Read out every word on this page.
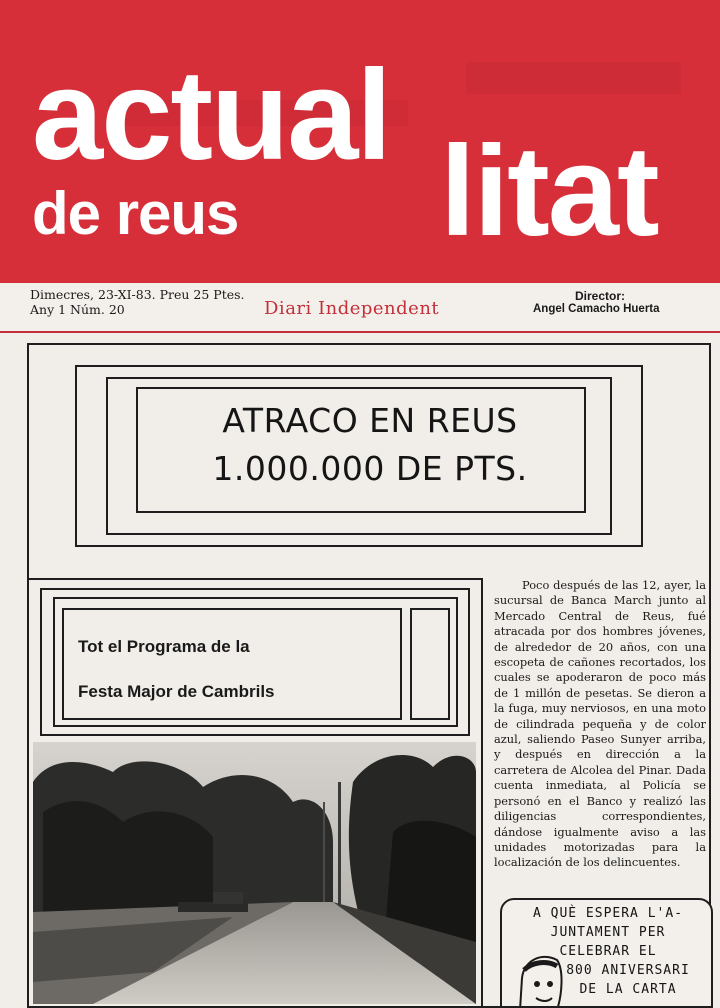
actual
litat
de reus
Dimecres, 23-XI-83. Preu 25 Ptes.
Any 1 Núm. 20	Diari Independent
Director:
Angel Camacho Huerta
ATRACO EN REUS
1.000.000 DE PTS.
Tot el Programa de la
Festa Major de Cambrils
Poco después de las 12, ayer, la sucursal de Banca March junto al Mercado Central de Reus, fué atracada por dos hombres jóvenes, de alrededor de 20 años, con una escopeta de cañones recortados, los cuales se apoderaron de poco más de 1 millón de pesetas. Se dieron a la fuga, muy nerviosos, en una moto de cilindrada pequeña y de color azul, saliendo Paseo Sunyer arriba, y después en dirección a la carretera de Alcolea del Pinar. Dada cuenta inmediata, al Policía se personó en el Banco y realizó las diligencias correspondientes, dándose igualmente aviso a las unidades motorizadas para la localización de los delincuentes.
A QUÈ ESPERA L'A-
JUNTAMENT PER
CELEBRAR EL
800 ANIVERSARI
DE LA CARTA
